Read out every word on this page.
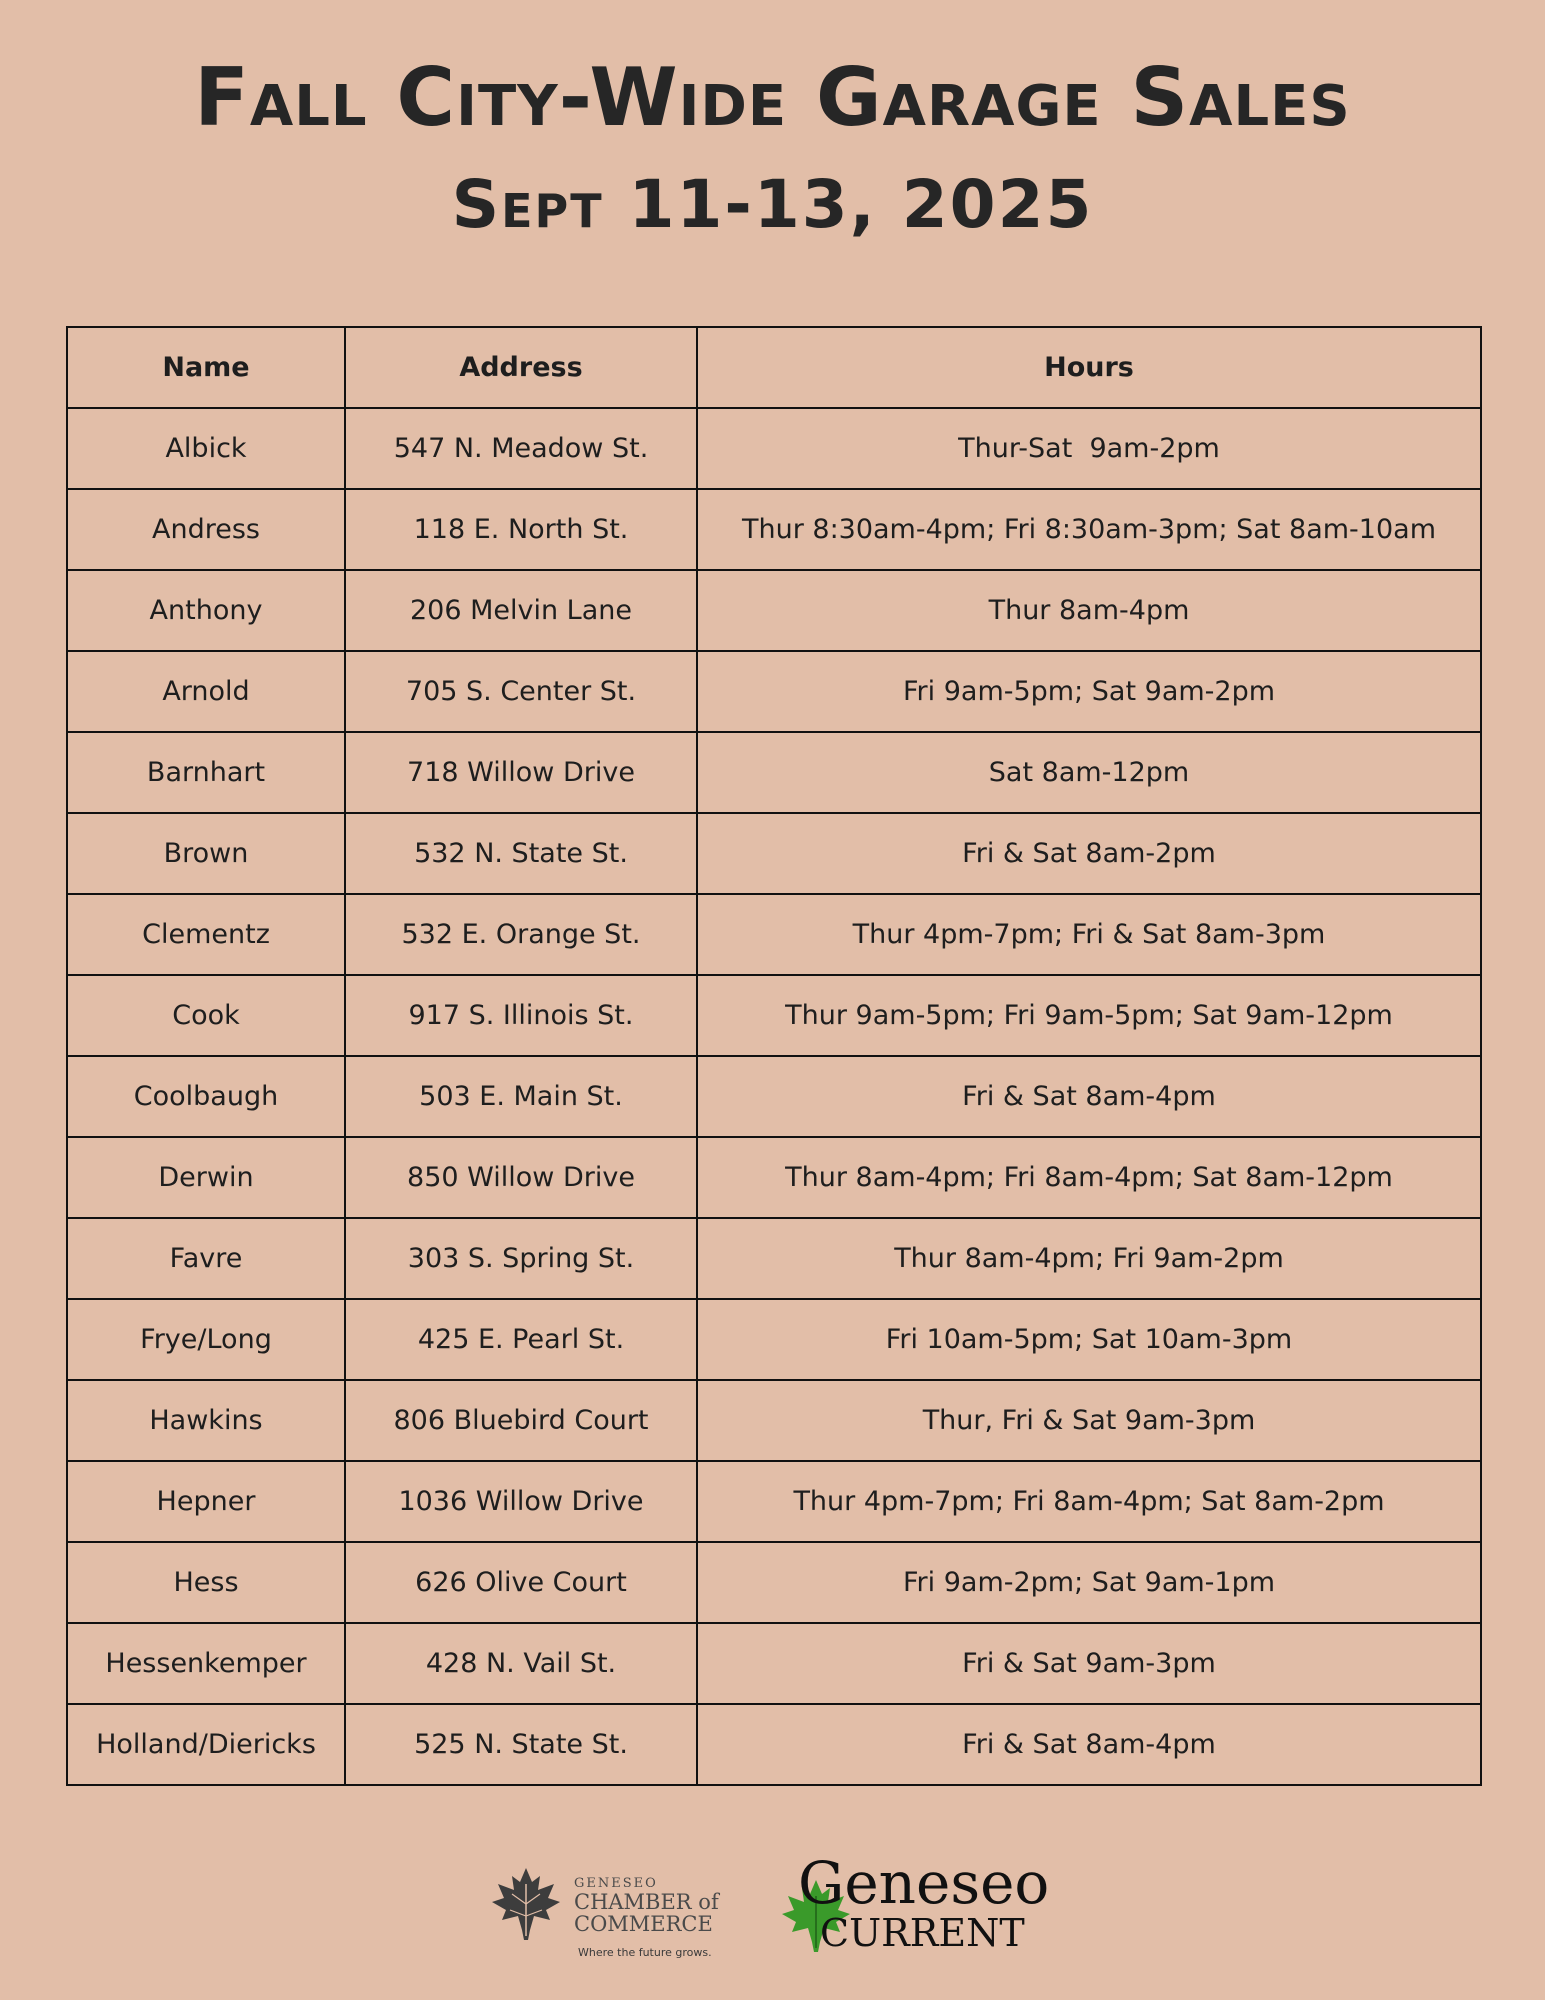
Fall City-Wide Garage Sales
Sept 11-13, 2025
Name	Address	Hours
Albick	547 N. Meadow St.	Thur-Sat  9am-2pm
Andress	118 E. North St.	Thur 8:30am-4pm; Fri 8:30am-3pm; Sat 8am-10am
Anthony	206 Melvin Lane	Thur 8am-4pm
Arnold	705 S. Center St.	Fri 9am-5pm; Sat 9am-2pm
Barnhart	718 Willow Drive	Sat 8am-12pm
Brown	532 N. State St.	Fri & Sat 8am-2pm
Clementz	532 E. Orange St.	Thur 4pm-7pm; Fri & Sat 8am-3pm
Cook	917 S. Illinois St.	Thur 9am-5pm; Fri 9am-5pm; Sat 9am-12pm
Coolbaugh	503 E. Main St.	Fri & Sat 8am-4pm
Derwin	850 Willow Drive	Thur 8am-4pm; Fri 8am-4pm; Sat 8am-12pm
Favre	303 S. Spring St.	Thur 8am-4pm; Fri 9am-2pm
Frye/Long	425 E. Pearl St.	Fri 10am-5pm; Sat 10am-3pm
Hawkins	806 Bluebird Court	Thur, Fri & Sat 9am-3pm
Hepner	1036 Willow Drive	Thur 4pm-7pm; Fri 8am-4pm; Sat 8am-2pm
Hess	626 Olive Court	Fri 9am-2pm; Sat 9am-1pm
Hessenkemper	428 N. Vail St.	Fri & Sat 9am-3pm
Holland/Diericks	525 N. State St.	Fri & Sat 8am-4pm
GENESEO
CHAMBER of
COMMERCE
Where the future grows.
Geneseo
CURRENT
